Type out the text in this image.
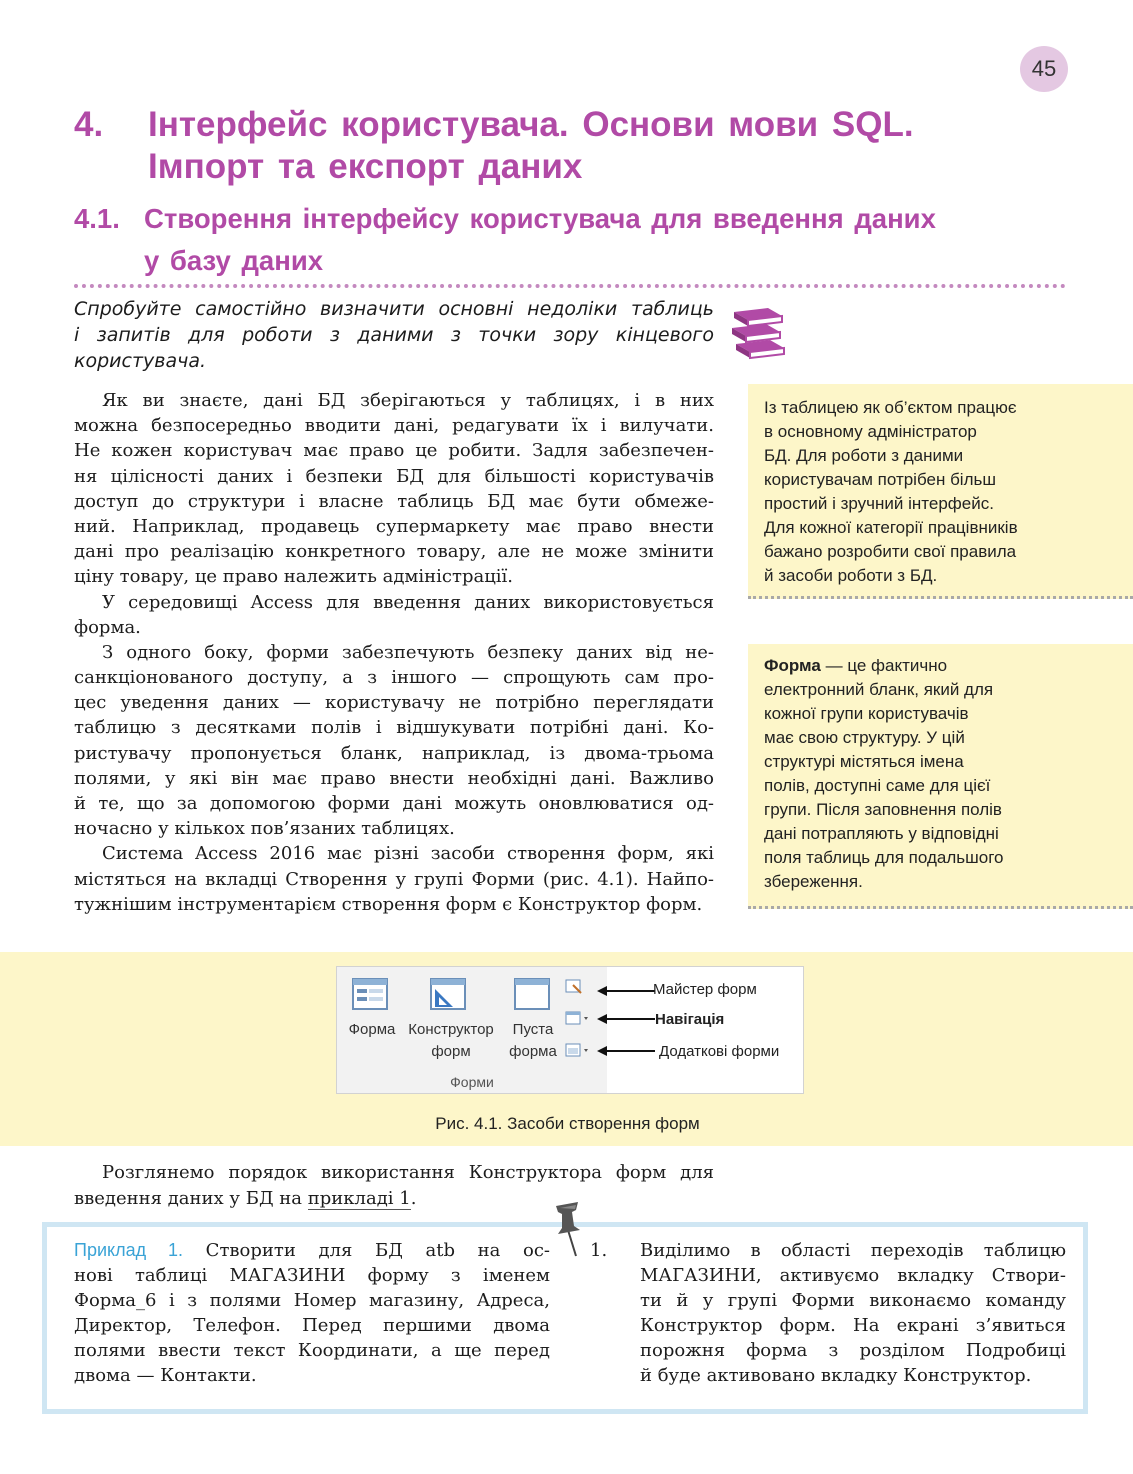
45
4. Інтерфейс користувача. Основи мови SQL.
Імпорт та експорт даних
4.1. Створення інтерфейсу користувача для введення даних
у базу даних
Спробуйте самостійно визначити основні недоліки таблиць
і запитів для роботи з даними з точки зору кінцевого
користувача.
Як ви знаєте, дані БД зберігаються у таблицях, і в них
можна безпосередньо вводити дані, редагувати їх і вилучати.
Не кожен користувач має право це робити. Задля забезпечен-
ня цілісності даних і безпеки БД для більшості користувачів
доступ до структури і власне таблиць БД має бути обмеже-
ний. Наприклад, продавець супермаркету має право внести
дані про реалізацію конкретного товару, але не може змінити
ціну товару, це право належить адміністрації.
У середовищі Access для введення даних використовується
форма.
З одного боку, форми забезпечують безпеку даних від не-
санкціонованого доступу, а з іншого — спрощують сам про-
цес уведення даних — користувачу не потрібно переглядати
таблицю з десятками полів і відшукувати потрібні дані. Ко-
ристувачу пропонується бланк, наприклад, із двома-трьома
полями, у які він має право внести необхідні дані. Важливо
й те, що за допомогою форми дані можуть оновлюватися од-
ночасно у кількох пов’язаних таблицях.
Система Access 2016 має різні засоби створення форм, які
містяться на вкладці Створення у групі Форми (рис. 4.1). Найпо-
тужнішим інструментарієм створення форм є Конструктор форм.
Із таблицею як об’єктом працює
в основному адміністратор
БД. Для роботи з даними
користувачам потрібен більш
простий і зручний інтерфейс.
Для кожної категорії працівників
бажано розробити свої правила
й засоби роботи з БД.
Форма — це фактично
електронний бланк, який для
кожної групи користувачів
має свою структуру. У цій
структурі містяться імена
полів, доступні саме для цієї
групи. Після заповнення полів
дані потрапляють у відповідні
поля таблиць для подальшого
збереження.
Форма Конструктор
форм
Пуста
форма
Форми
Майстер форм
Навігація
Додаткові форми
Рис. 4.1. Засоби створення форм
Розглянемо порядок використання Конструктора форм для
введення даних у БД на прикладі 1.
Приклад 1. Створити для БД atb на ос-
нові таблиці МАГАЗИНИ форму з іменем
Форма_6 і з полями Номер магазину, Адреса,
Директор, Телефон. Перед першими двома
полями ввести текст Координати, а ще перед
двома — Контакти.
1. Виділимо в області переходів таблицю
МАГАЗИНИ, активуємо вкладку Створи-
ти й у групі Форми виконаємо команду
Конструктор форм. На екрані з’явиться
порожня форма з розділом Подробиці
й буде активовано вкладку Конструктор.
